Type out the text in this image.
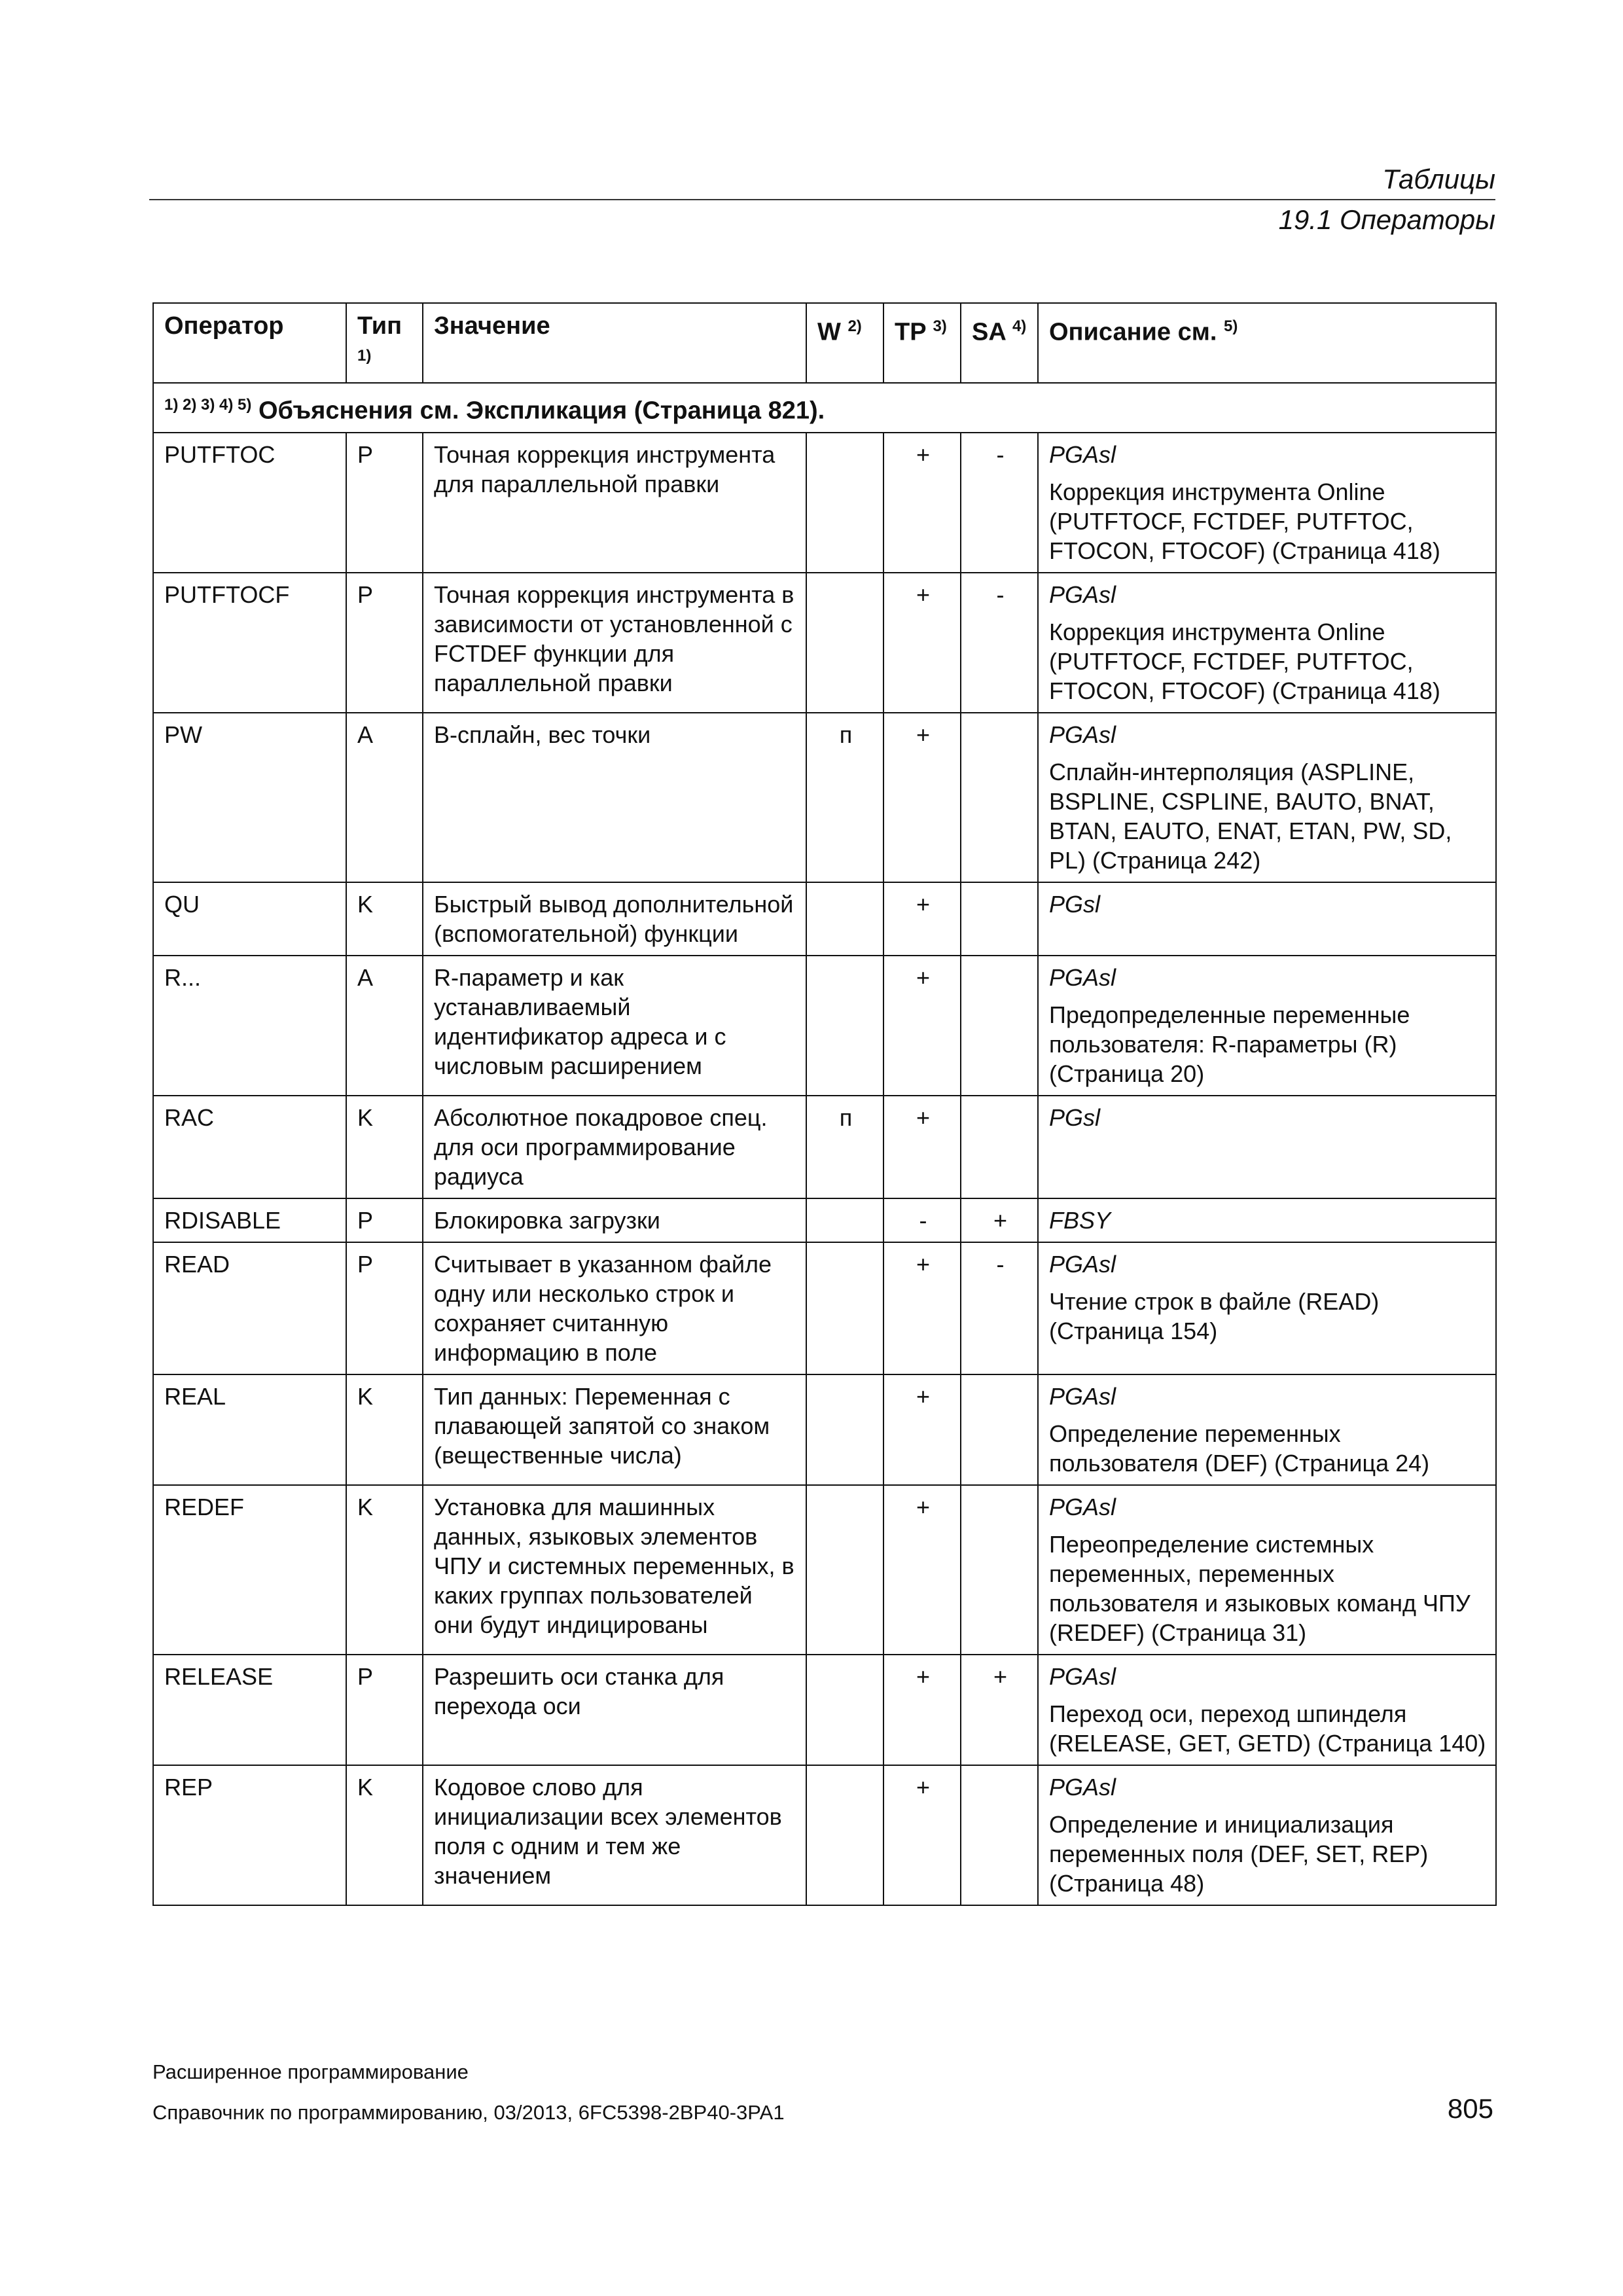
Таблицы
19.1 Операторы
Оператор	Тип $^{1)}$	Значение	W $^{2)}$	TP $^{3)}$	SA $^{4)}$	Описание см. $^{5)}$
$^{1) 2) 3) 4) 5)}$ Объяснения см. Экспликация (Страница 821).						
PUTFTOC	P	Точная коррекция инструмента для параллельной правки		+	-	PGAsl
Коррекция инструмента Online (PUTFTOCF, FCTDEF, PUTFTOC, FTOCON, FTOCOF) (Страница 418)

PUTFTOCF	P	Точная коррекция инструмента в зависимости от установленной с FCTDEF функции для параллельной правки		+	-	PGAsl
Коррекция инструмента Online (PUTFTOCF, FCTDEF, PUTFTOC, FTOCON, FTOCOF) (Страница 418)

PW	A	B-сплайн, вес точки	п	+		PGAsl
Сплайн-интерполяция (ASPLINE, BSPLINE, CSPLINE, BAUTO, BNAT, BTAN, EAUTO, ENAT, ETAN, PW, SD, PL) (Страница 242)

QU	K	Быстрый вывод дополнительной (вспомогательной) функции		+		PGsl

R...	A	R-параметр и как устанавливаемый идентификатор адреса и с числовым расширением		+		PGAsl
Предопределенные переменные пользователя: R-параметры (R) (Страница 20)

RAC	K	Абсолютное покадровое спец. для оси программирование радиуса	п	+		PGsl

RDISABLE	P	Блокировка загрузки		-	+	FBSY

READ	P	Считывает в указанном файле одну или несколько строк и сохраняет считанную информацию в поле		+	-	PGAsl
Чтение строк в файле (READ) (Страница 154)

REAL	K	Тип данных: Переменная с плавающей запятой со знаком (вещественные числа)		+		PGAsl
Определение переменных пользователя (DEF) (Страница 24)

REDEF	K	Установка для машинных данных, языковых элементов ЧПУ и системных переменных, в каких группах пользователей они будут индицированы		+		PGAsl
Переопределение системных переменных, переменных пользователя и языковых команд ЧПУ (REDEF) (Страница 31)

RELEASE	P	Разрешить оси станка для перехода оси		+	+	PGAsl
Переход оси, переход шпинделя (RELEASE, GET, GETD) (Страница 140)

REP	K	Кодовое слово для инициализации всех элементов поля с одним и тем же значением		+		PGAsl
Определение и инициализация переменных поля (DEF, SET, REP) (Страница 48)
Расширенное программирование
Справочник по программированию, 03/2013, 6FC5398-2BP40-3PA1	805
